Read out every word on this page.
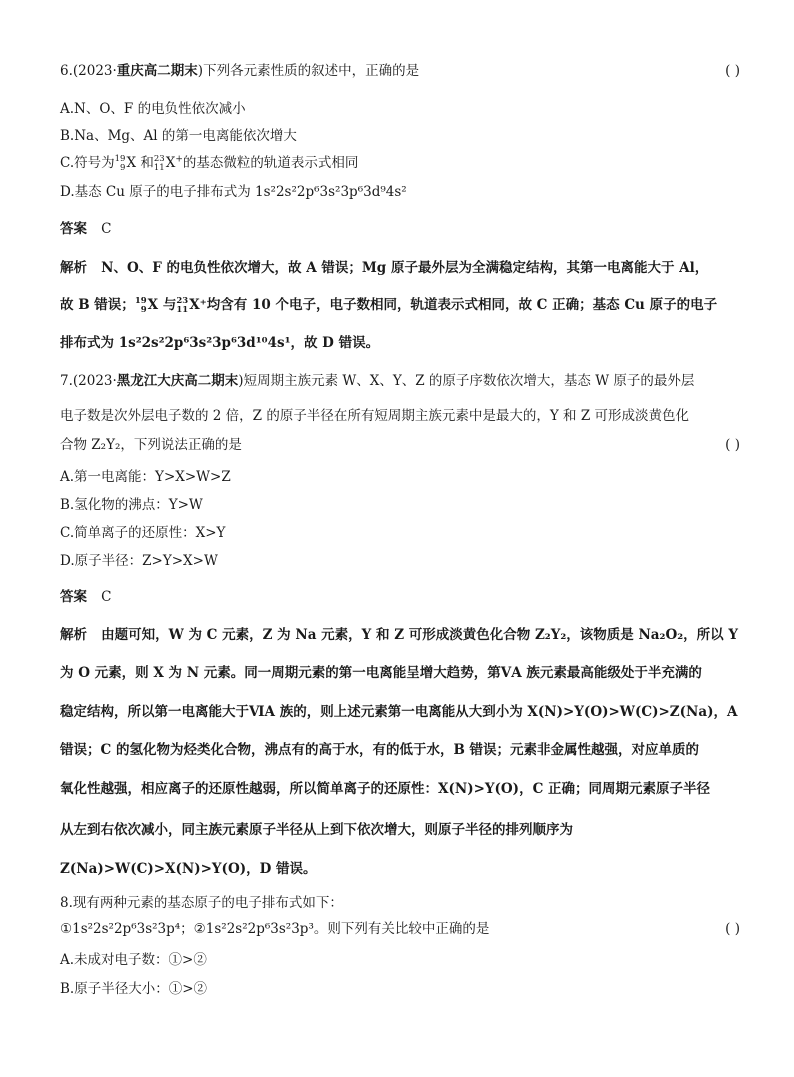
6.(2023·重庆高二期末)下列各元素性质的叙述中，正确的是	( )
A.N、O、F 的电负性依次减小
B.Na、Mg、Al 的第一电离能依次增大
C.符号为19
9X 和23
11X+的基态微粒的轨道表示式相同
D.基态 Cu 原子的电子排布式为 1s²2s²2p⁶3s²3p⁶3d⁹4s²
答案 C
解析 N、O、F 的电负性依次增大，故 A 错误；Mg 原子最外层为全满稳定结构，其第一电离能大于 Al，
故 B 错误；19
9X 与23
11X⁺均含有 10 个电子，电子数相同，轨道表示式相同，故 C 正确；基态 Cu 原子的电子
排布式为 1s²2s²2p⁶3s²3p⁶3d¹⁰4s¹，故 D 错误。
7.(2023·黑龙江大庆高二期末)短周期主族元素 W、X、Y、Z 的原子序数依次增大，基态 W 原子的最外层
电子数是次外层电子数的 2 倍，Z 的原子半径在所有短周期主族元素中是最大的，Y 和 Z 可形成淡黄色化
合物 Z₂Y₂，下列说法正确的是	( )
A.第一电离能：Y>X>W>Z
B.氢化物的沸点：Y>W
C.简单离子的还原性：X>Y
D.原子半径：Z>Y>X>W
答案 C
解析 由题可知，W 为 C 元素，Z 为 Na 元素，Y 和 Z 可形成淡黄色化合物 Z₂Y₂，该物质是 Na₂O₂，所以 Y
为 O 元素，则 X 为 N 元素。同一周期元素的第一电离能呈增大趋势，第ⅤA 族元素最高能级处于半充满的
稳定结构，所以第一电离能大于ⅥA 族的，则上述元素第一电离能从大到小为 X(N)>Y(O)>W(C)>Z(Na)，A
错误；C 的氢化物为烃类化合物，沸点有的高于水，有的低于水，B 错误；元素非金属性越强，对应单质的
氧化性越强，相应离子的还原性越弱，所以简单离子的还原性：X(N)>Y(O)，C 正确；同周期元素原子半径
从左到右依次减小，同主族元素原子半径从上到下依次增大，则原子半径的排列顺序为
Z(Na)>W(C)>X(N)>Y(O)，D 错误。
8.现有两种元素的基态原子的电子排布式如下：
①1s²2s²2p⁶3s²3p⁴；②1s²2s²2p⁶3s²3p³。则下列有关比较中正确的是	( )
A.未成对电子数：①>②
B.原子半径大小：①>②
